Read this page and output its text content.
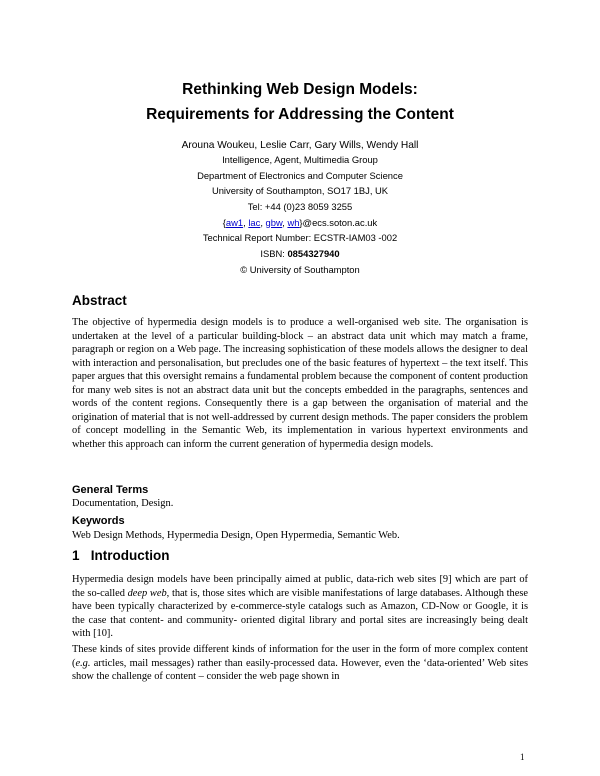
Rethinking Web Design Models:
Requirements for Addressing the Content
Arouna Woukeu, Leslie Carr, Gary Wills, Wendy Hall
Intelligence, Agent, Multimedia Group
Department of Electronics and Computer Science
University of Southampton, SO17 1BJ, UK
Tel: +44 (0)23 8059 3255
{aw1, lac, gbw, wh}@ecs.soton.ac.uk
Technical Report Number: ECSTR-IAM03 -002
ISBN: 0854327940
© University of Southampton
Abstract
The objective of hypermedia design models is to produce a well-organised web site. The organisation is undertaken at the level of a particular building-block – an abstract data unit which may match a frame, paragraph or region on a Web page. The increasing sophistication of these models allows the designer to deal with interaction and personalisation, but precludes one of the basic features of hypertext – the text itself. This paper argues that this oversight remains a fundamental problem because the component of content production for many web sites is not an abstract data unit but the concepts embedded in the paragraphs, sentences and words of the content regions. Consequently there is a gap between the organisation of material and the origination of material that is not well-addressed by current design methods. The paper considers the problem of concept modelling in the Semantic Web, its implementation in various hypertext environments and whether this approach can inform the current generation of hypermedia design models.
General Terms
Documentation, Design.
Keywords
Web Design Methods, Hypermedia Design, Open Hypermedia, Semantic Web.
1   Introduction
Hypermedia design models have been principally aimed at public, data-rich web sites [9] which are part of the so-called deep web, that is, those sites which are visible manifestations of large databases. Although these have been typically characterized by e-commerce-style catalogs such as Amazon, CD-Now or Google, it is the case that content- and community- oriented digital library and portal sites are increasingly being dealt with [10].
These kinds of sites provide different kinds of information for the user in the form of more complex content (e.g. articles, mail messages) rather than easily-processed data. However, even the ‘data-oriented’ Web sites show the challenge of content – consider the web page shown in
1
